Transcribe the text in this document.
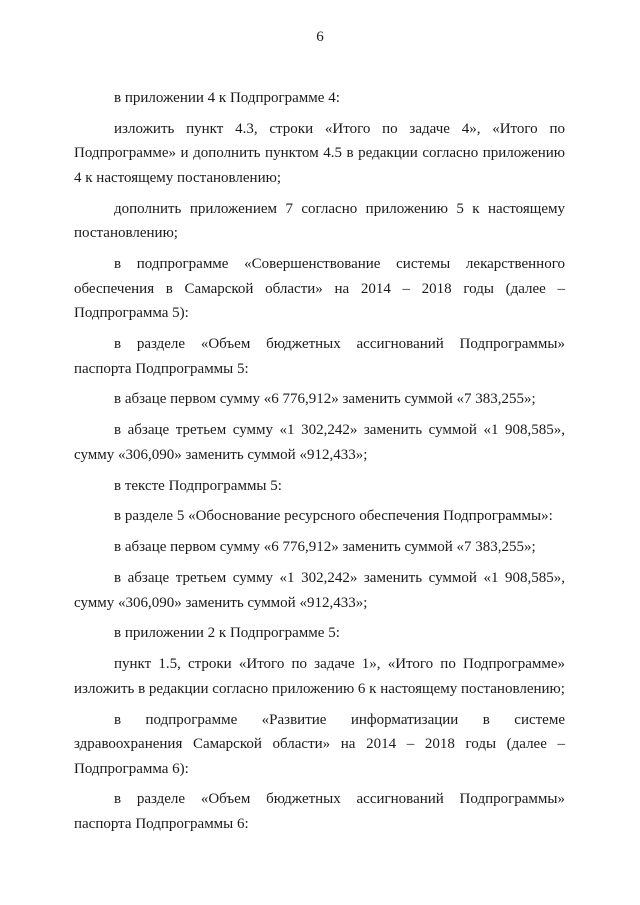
6

в приложении 4 к Подпрограмме 4:

изложить пункт 4.3, строки «Итого по задаче 4», «Итого по Подпрограмме» и дополнить пунктом 4.5 в редакции согласно приложению 4 к настоящему постановлению;

дополнить приложением 7 согласно приложению 5 к настоящему постановлению;

в подпрограмме «Совершенствование системы лекарственного обеспечения в Самарской области» на 2014 – 2018 годы (далее – Подпрограмма 5):

в разделе «Объем бюджетных ассигнований Подпрограммы» паспорта Подпрограммы 5:

в абзаце первом сумму «6 776,912» заменить суммой «7 383,255»;

в абзаце третьем сумму «1 302,242» заменить суммой «1 908,585», сумму «306,090» заменить суммой «912,433»;

в тексте Подпрограммы 5:

в разделе 5 «Обоснование ресурсного обеспечения Подпрограммы»:

в абзаце первом сумму «6 776,912» заменить суммой «7 383,255»;

в абзаце третьем сумму «1 302,242» заменить суммой «1 908,585», сумму «306,090» заменить суммой «912,433»;

в приложении 2 к Подпрограмме 5:

пункт 1.5, строки «Итого по задаче 1», «Итого по Подпрограмме» изложить в редакции согласно приложению 6 к настоящему постановлению;

в подпрограмме «Развитие информатизации в системе здравоохранения Самарской области» на 2014 – 2018 годы (далее – Подпрограмма 6):

в разделе «Объем бюджетных ассигнований Подпрограммы» паспорта Подпрограммы 6:
